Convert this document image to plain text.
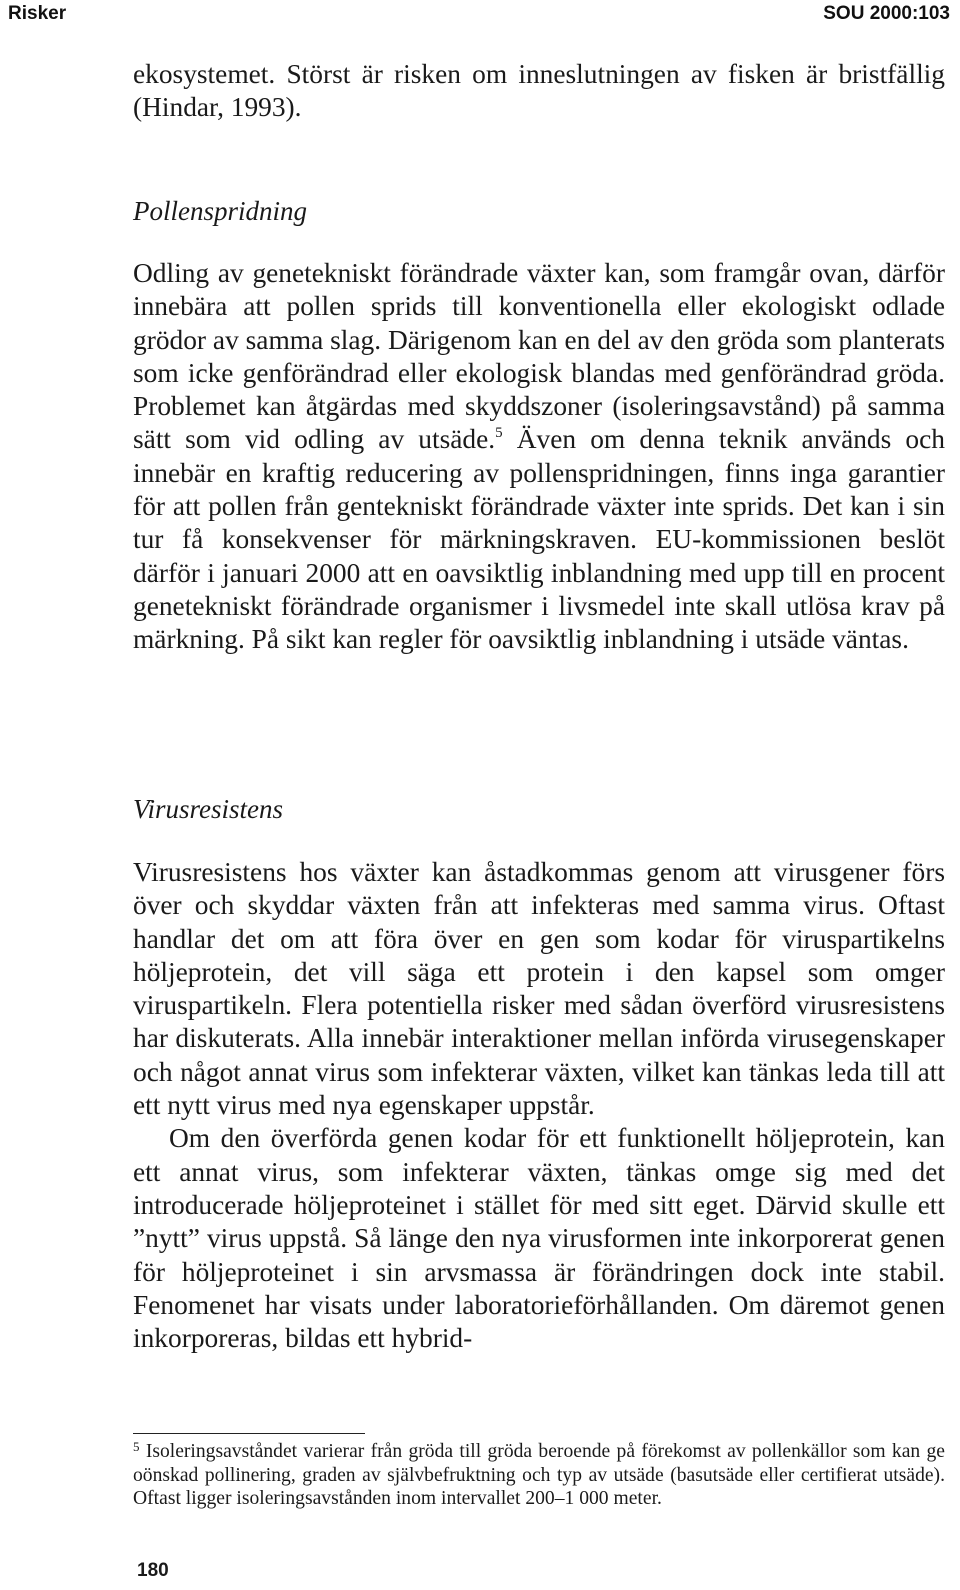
Risker	SOU 2000:103

ekosystemet. Störst är risken om inneslutningen av fisken är bristfällig (Hindar, 1993).

Pollenspridning

Odling av genetekniskt förändrade växter kan, som framgår ovan, därför innebära att pollen sprids till konventionella eller ekologiskt odlade grödor av samma slag. Därigenom kan en del av den gröda som planterats som icke genförändrad eller ekologisk blandas med genförändrad gröda. Problemet kan åtgärdas med skyddszoner (isoleringsavstånd) på samma sätt som vid odling av utsäde.$^5$ Även om denna teknik används och innebär en kraftig reducering av pollenspridningen, finns inga garantier för att pollen från gentekniskt förändrade växter inte sprids. Det kan i sin tur få konsekvenser för märkningskraven. EU-kommissionen beslöt därför i januari 2000 att en oavsiktlig inblandning med upp till en procent genetekniskt förändrade organismer i livsmedel inte skall utlösa krav på märkning. På sikt kan regler för oavsiktlig inblandning i utsäde väntas.

Virusresistens

Virusresistens hos växter kan åstadkommas genom att virusgener förs över och skyddar växten från att infekteras med samma virus. Oftast handlar det om att föra över en gen som kodar för viruspartikelns höljeprotein, det vill säga ett protein i den kapsel som omger viruspartikeln. Flera potentiella risker med sådan överförd virusresistens har diskuterats. Alla innebär interaktioner mellan införda virusegenskaper och något annat virus som infekterar växten, vilket kan tänkas leda till att ett nytt virus med nya egenskaper uppstår.

Om den överförda genen kodar för ett funktionellt höljeprotein, kan ett annat virus, som infekterar växten, tänkas omge sig med det introducerade höljeproteinet i stället för med sitt eget. Därvid skulle ett ”nytt” virus uppstå. Så länge den nya virusformen inte inkorporerat genen för höljeproteinet i sin arvsmassa är förändringen dock inte stabil. Fenomenet har visats under laboratorieförhållanden. Om däremot genen inkorporeras, bildas ett hybrid-

$^5$ Isoleringsavståndet varierar från gröda till gröda beroende på förekomst av pollenkällor som kan ge oönskad pollinering, graden av självbefruktning och typ av utsäde (basutsäde eller certifierat utsäde). Oftast ligger isoleringsavstånden inom intervallet 200–1 000 meter.

180
